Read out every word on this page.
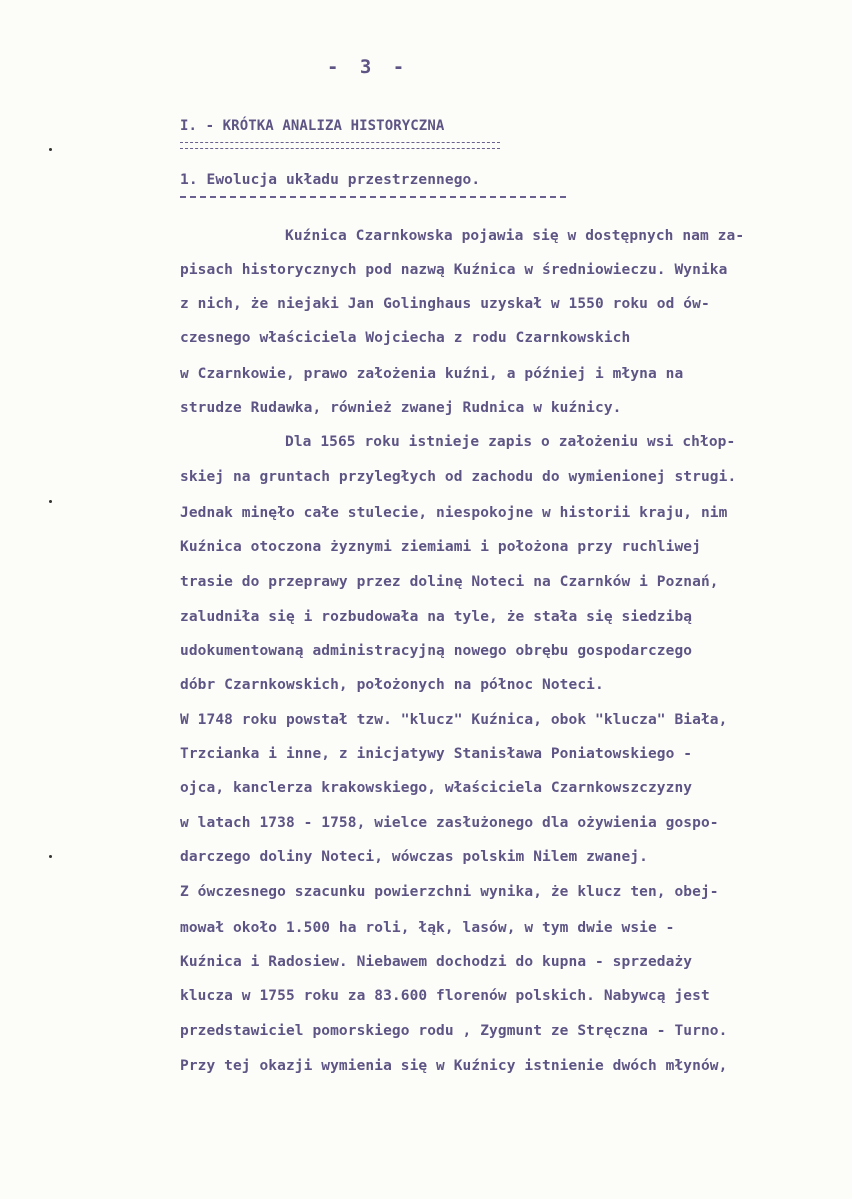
- 3 -
I. - KRÓTKA ANALIZA HISTORYCZNA
1. Ewolucja układu przestrzennego.
Kuźnica Czarnkowska pojawia się w dostępnych nam za-
pisach historycznych pod nazwą Kuźnica w średniowieczu. Wynika
z nich, że niejaki Jan Golinghaus uzyskał w 1550 roku od ów-
czesnego właściciela Wojciecha z rodu Czarnkowskich
w Czarnkowie, prawo założenia kuźni, a później i młyna na
strudze Rudawka, również zwanej Rudnica w kuźnicy.
Dla 1565 roku istnieje zapis o założeniu wsi chłop-
skiej na gruntach przyległych od zachodu do wymienionej strugi.
Jednak minęło całe stulecie, niespokojne w historii kraju, nim
Kuźnica otoczona żyznymi ziemiami i położona przy ruchliwej
trasie do przeprawy przez dolinę Noteci na Czarnków i Poznań,
zaludniła się i rozbudowała na tyle, że stała się siedzibą
udokumentowaną administracyjną nowego obrębu gospodarczego
dóbr Czarnkowskich, położonych na północ Noteci.
W 1748 roku powstał tzw. "klucz" Kuźnica, obok "klucza" Biała,
Trzcianka i inne, z inicjatywy Stanisława Poniatowskiego -
ojca, kanclerza krakowskiego, właściciela Czarnkowszczyzny
w latach 1738 - 1758, wielce zasłużonego dla ożywienia gospo-
darczego doliny Noteci, wówczas polskim Nilem zwanej.
Z ówczesnego szacunku powierzchni wynika, że klucz ten, obej-
mował około 1.500 ha roli, łąk, lasów, w tym dwie wsie -
Kuźnica i Radosiew. Niebawem dochodzi do kupna - sprzedaży
klucza w 1755 roku za 83.600 florenów polskich. Nabywcą jest
przedstawiciel pomorskiego rodu , Zygmunt ze Stręczna - Turno.
Przy tej okazji wymienia się w Kuźnicy istnienie dwóch młynów,
